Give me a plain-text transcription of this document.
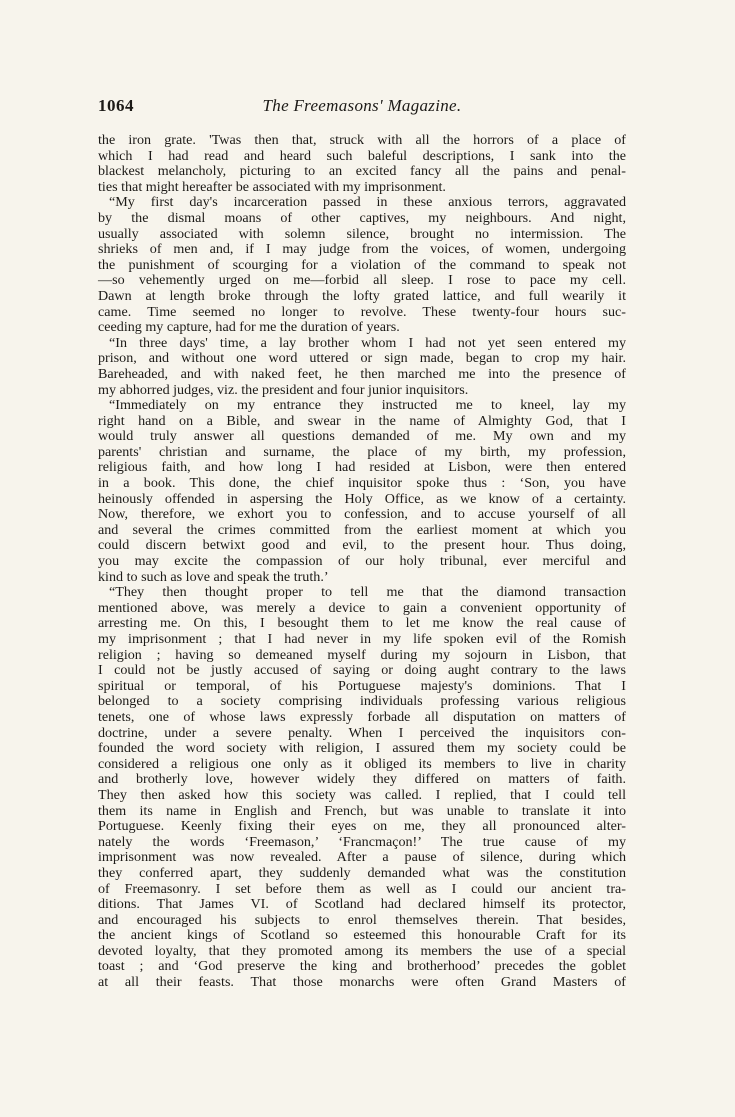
1064	The Freemasons' Magazine.
the iron grate. 'Twas then that, struck with all the horrors of a place of
which I had read and heard such baleful descriptions, I sank into the
blackest melancholy, picturing to an excited fancy all the pains and penal-
ties that might hereafter be associated with my imprisonment.
“My first day's incarceration passed in these anxious terrors, aggravated
by the dismal moans of other captives, my neighbours. And night,
usually associated with solemn silence, brought no intermission. The
shrieks of men and, if I may judge from the voices, of women, undergoing
the punishment of scourging for a violation of the command to speak not
—so vehemently urged on me—forbid all sleep. I rose to pace my cell.
Dawn at length broke through the lofty grated lattice, and full wearily it
came. Time seemed no longer to revolve. These twenty-four hours suc-
ceeding my capture, had for me the duration of years.
“In three days' time, a lay brother whom I had not yet seen entered my
prison, and without one word uttered or sign made, began to crop my hair.
Bareheaded, and with naked feet, he then marched me into the presence of
my abhorred judges, viz. the president and four junior inquisitors.
“Immediately on my entrance they instructed me to kneel, lay my
right hand on a Bible, and swear in the name of Almighty God, that I
would truly answer all questions demanded of me. My own and my
parents' christian and surname, the place of my birth, my profession,
religious faith, and how long I had resided at Lisbon, were then entered
in a book. This done, the chief inquisitor spoke thus : ‘Son, you have
heinously offended in aspersing the Holy Office, as we know of a certainty.
Now, therefore, we exhort you to confession, and to accuse yourself of all
and several the crimes committed from the earliest moment at which you
could discern betwixt good and evil, to the present hour. Thus doing,
you may excite the compassion of our holy tribunal, ever merciful and
kind to such as love and speak the truth.’
“They then thought proper to tell me that the diamond transaction
mentioned above, was merely a device to gain a convenient opportunity of
arresting me. On this, I besought them to let me know the real cause of
my imprisonment ; that I had never in my life spoken evil of the Romish
religion ; having so demeaned myself during my sojourn in Lisbon, that
I could not be justly accused of saying or doing aught contrary to the laws
spiritual or temporal, of his Portuguese majesty's dominions. That I
belonged to a society comprising individuals professing various religious
tenets, one of whose laws expressly forbade all disputation on matters of
doctrine, under a severe penalty. When I perceived the inquisitors con-
founded the word society with religion, I assured them my society could be
considered a religious one only as it obliged its members to live in charity
and brotherly love, however widely they differed on matters of faith.
They then asked how this society was called. I replied, that I could tell
them its name in English and French, but was unable to translate it into
Portuguese. Keenly fixing their eyes on me, they all pronounced alter-
nately the words ‘Freemason,’ ‘Francmaçon!’ The true cause of my
imprisonment was now revealed. After a pause of silence, during which
they conferred apart, they suddenly demanded what was the constitution
of Freemasonry. I set before them as well as I could our ancient tra-
ditions. That James VI. of Scotland had declared himself its protector,
and encouraged his subjects to enrol themselves therein. That besides,
the ancient kings of Scotland so esteemed this honourable Craft for its
devoted loyalty, that they promoted among its members the use of a special
toast ; and ‘God preserve the king and brotherhood’ precedes the goblet
at all their feasts. That those monarchs were often Grand Masters of
